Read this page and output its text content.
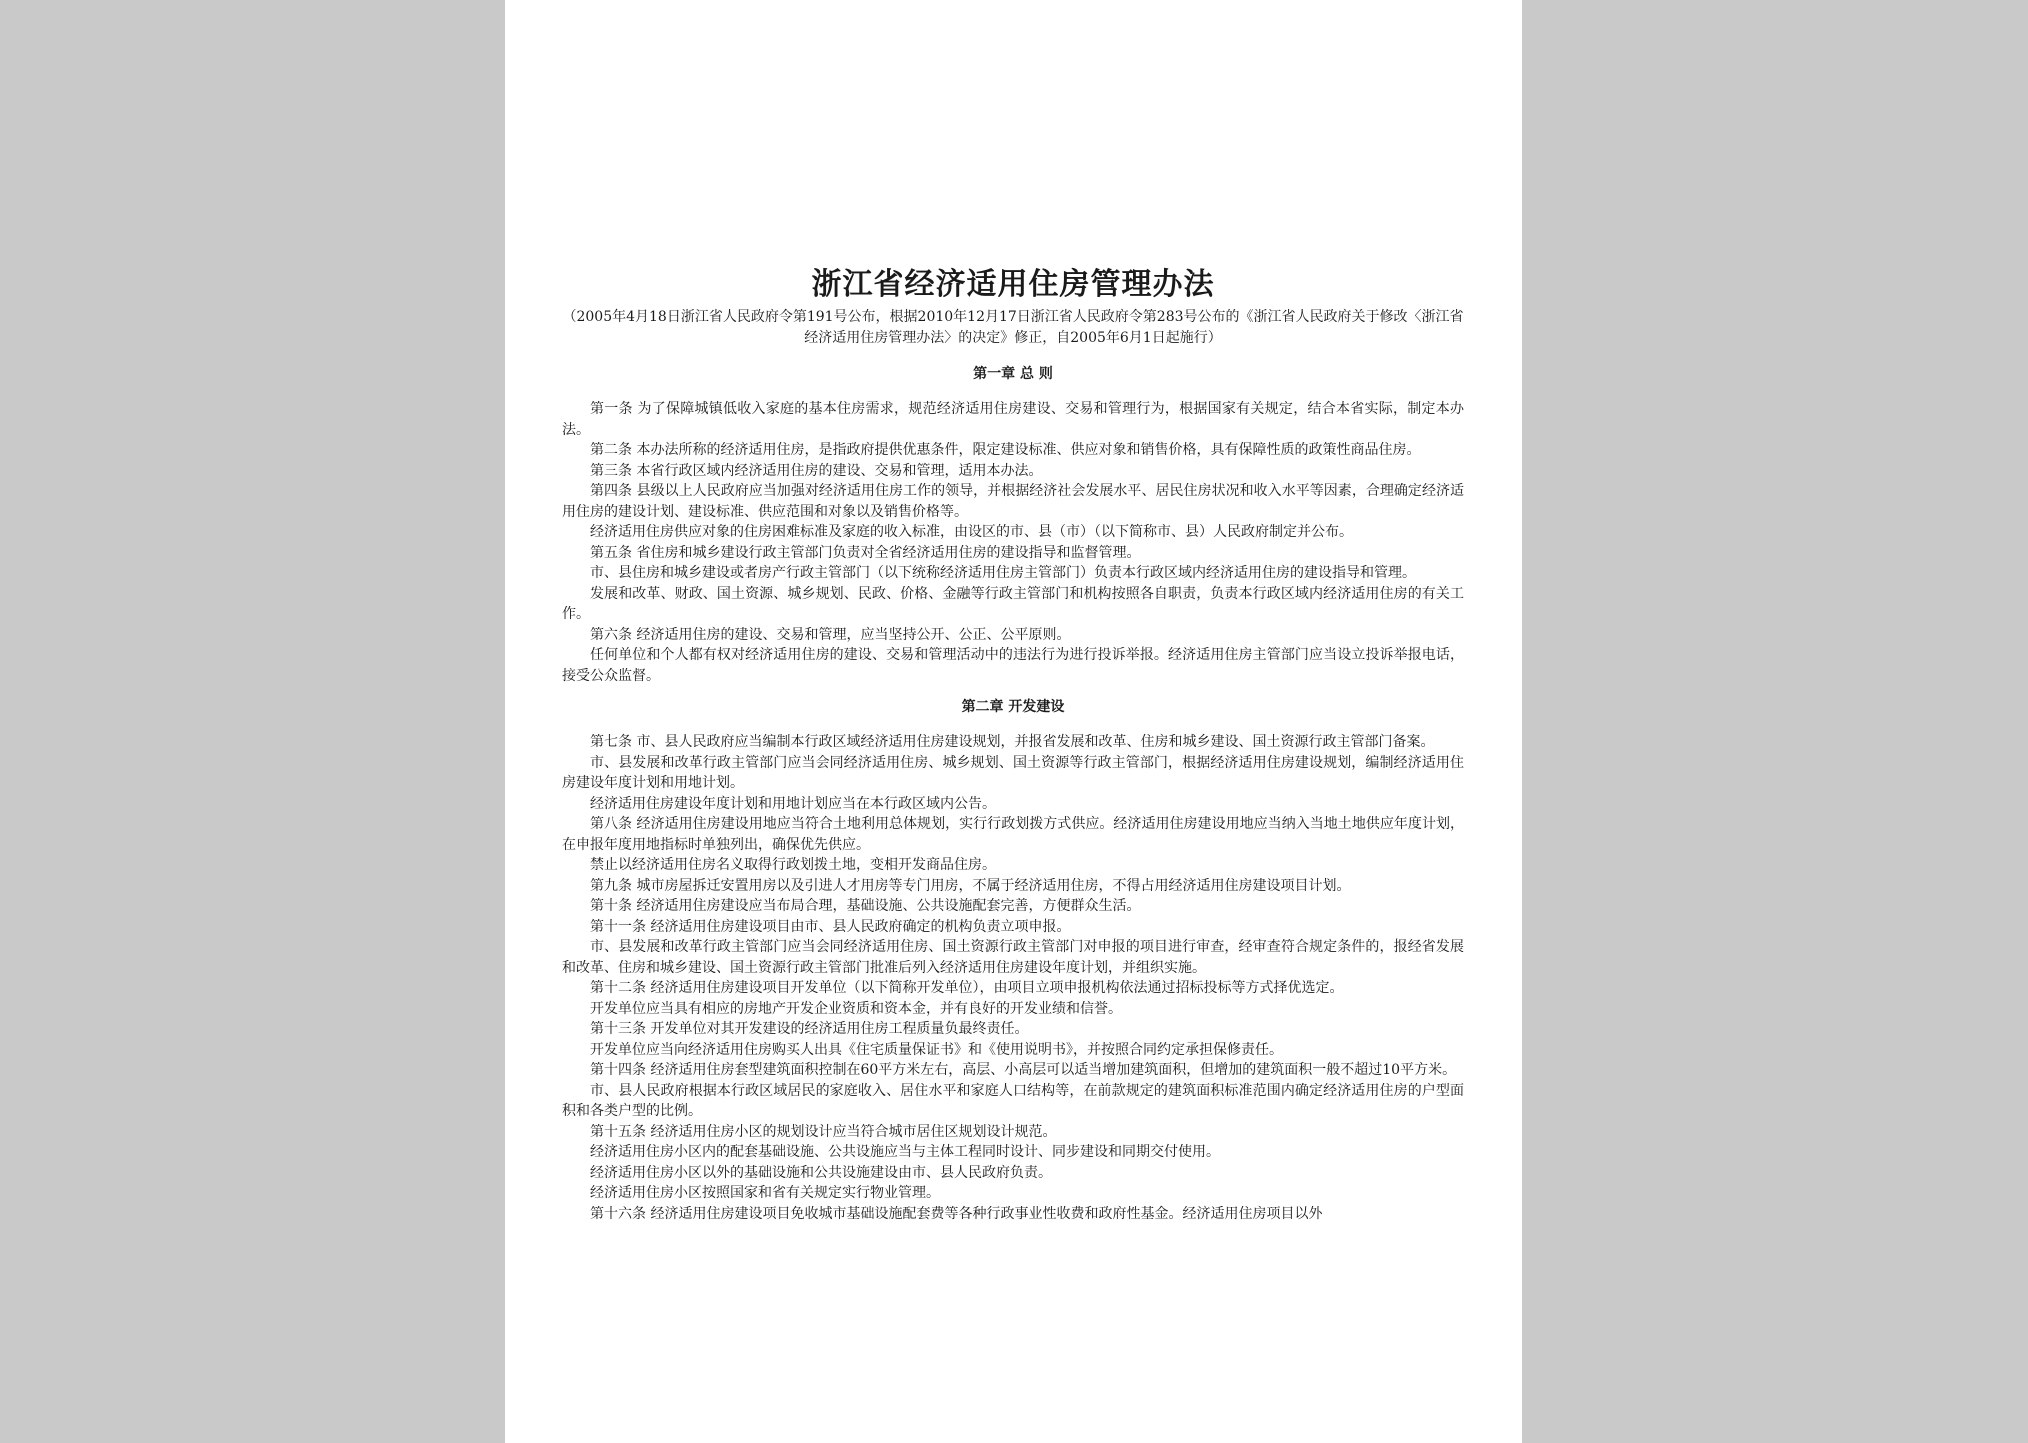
浙江省经济适用住房管理办法
（2005年4月18日浙江省人民政府令第191号公布，根据2010年12月17日浙江省人民政府令第283号公布的《浙江省人民政府关于修改〈浙江省经济适用住房管理办法〉的决定》修正，自2005年6月1日起施行）
第一章 总 则

第一条 为了保障城镇低收入家庭的基本住房需求，规范经济适用住房建设、交易和管理行为，根据国家有关规定，结合本省实际，制定本办法。

第二条 本办法所称的经济适用住房，是指政府提供优惠条件，限定建设标准、供应对象和销售价格，具有保障性质的政策性商品住房。

第三条 本省行政区域内经济适用住房的建设、交易和管理，适用本办法。

第四条 县级以上人民政府应当加强对经济适用住房工作的领导，并根据经济社会发展水平、居民住房状况和收入水平等因素，合理确定经济适用住房的建设计划、建设标准、供应范围和对象以及销售价格等。

经济适用住房供应对象的住房困难标准及家庭的收入标准，由设区的市、县（市）（以下简称市、县）人民政府制定并公布。

第五条 省住房和城乡建设行政主管部门负责对全省经济适用住房的建设指导和监督管理。

市、县住房和城乡建设或者房产行政主管部门（以下统称经济适用住房主管部门）负责本行政区域内经济适用住房的建设指导和管理。

发展和改革、财政、国土资源、城乡规划、民政、价格、金融等行政主管部门和机构按照各自职责，负责本行政区域内经济适用住房的有关工作。

第六条 经济适用住房的建设、交易和管理，应当坚持公开、公正、公平原则。

任何单位和个人都有权对经济适用住房的建设、交易和管理活动中的违法行为进行投诉举报。经济适用住房主管部门应当设立投诉举报电话，接受公众监督。

第二章 开发建设

第七条 市、县人民政府应当编制本行政区域经济适用住房建设规划，并报省发展和改革、住房和城乡建设、国土资源行政主管部门备案。

市、县发展和改革行政主管部门应当会同经济适用住房、城乡规划、国土资源等行政主管部门，根据经济适用住房建设规划，编制经济适用住房建设年度计划和用地计划。

经济适用住房建设年度计划和用地计划应当在本行政区域内公告。

第八条 经济适用住房建设用地应当符合土地利用总体规划，实行行政划拨方式供应。经济适用住房建设用地应当纳入当地土地供应年度计划，在申报年度用地指标时单独列出，确保优先供应。

禁止以经济适用住房名义取得行政划拨土地，变相开发商品住房。

第九条 城市房屋拆迁安置用房以及引进人才用房等专门用房，不属于经济适用住房，不得占用经济适用住房建设项目计划。

第十条 经济适用住房建设应当布局合理，基础设施、公共设施配套完善，方便群众生活。

第十一条 经济适用住房建设项目由市、县人民政府确定的机构负责立项申报。

市、县发展和改革行政主管部门应当会同经济适用住房、国土资源行政主管部门对申报的项目进行审查，经审查符合规定条件的，报经省发展和改革、住房和城乡建设、国土资源行政主管部门批准后列入经济适用住房建设年度计划，并组织实施。

第十二条 经济适用住房建设项目开发单位（以下简称开发单位），由项目立项申报机构依法通过招标投标等方式择优选定。

开发单位应当具有相应的房地产开发企业资质和资本金，并有良好的开发业绩和信誉。

第十三条 开发单位对其开发建设的经济适用住房工程质量负最终责任。

开发单位应当向经济适用住房购买人出具《住宅质量保证书》和《使用说明书》，并按照合同约定承担保修责任。

第十四条 经济适用住房套型建筑面积控制在60平方米左右，高层、小高层可以适当增加建筑面积，但增加的建筑面积一般不超过10平方米。

市、县人民政府根据本行政区域居民的家庭收入、居住水平和家庭人口结构等，在前款规定的建筑面积标准范围内确定经济适用住房的户型面积和各类户型的比例。

第十五条 经济适用住房小区的规划设计应当符合城市居住区规划设计规范。

经济适用住房小区内的配套基础设施、公共设施应当与主体工程同时设计、同步建设和同期交付使用。

经济适用住房小区以外的基础设施和公共设施建设由市、县人民政府负责。

经济适用住房小区按照国家和省有关规定实行物业管理。

第十六条 经济适用住房建设项目免收城市基础设施配套费等各种行政事业性收费和政府性基金。经济适用住房项目以外
